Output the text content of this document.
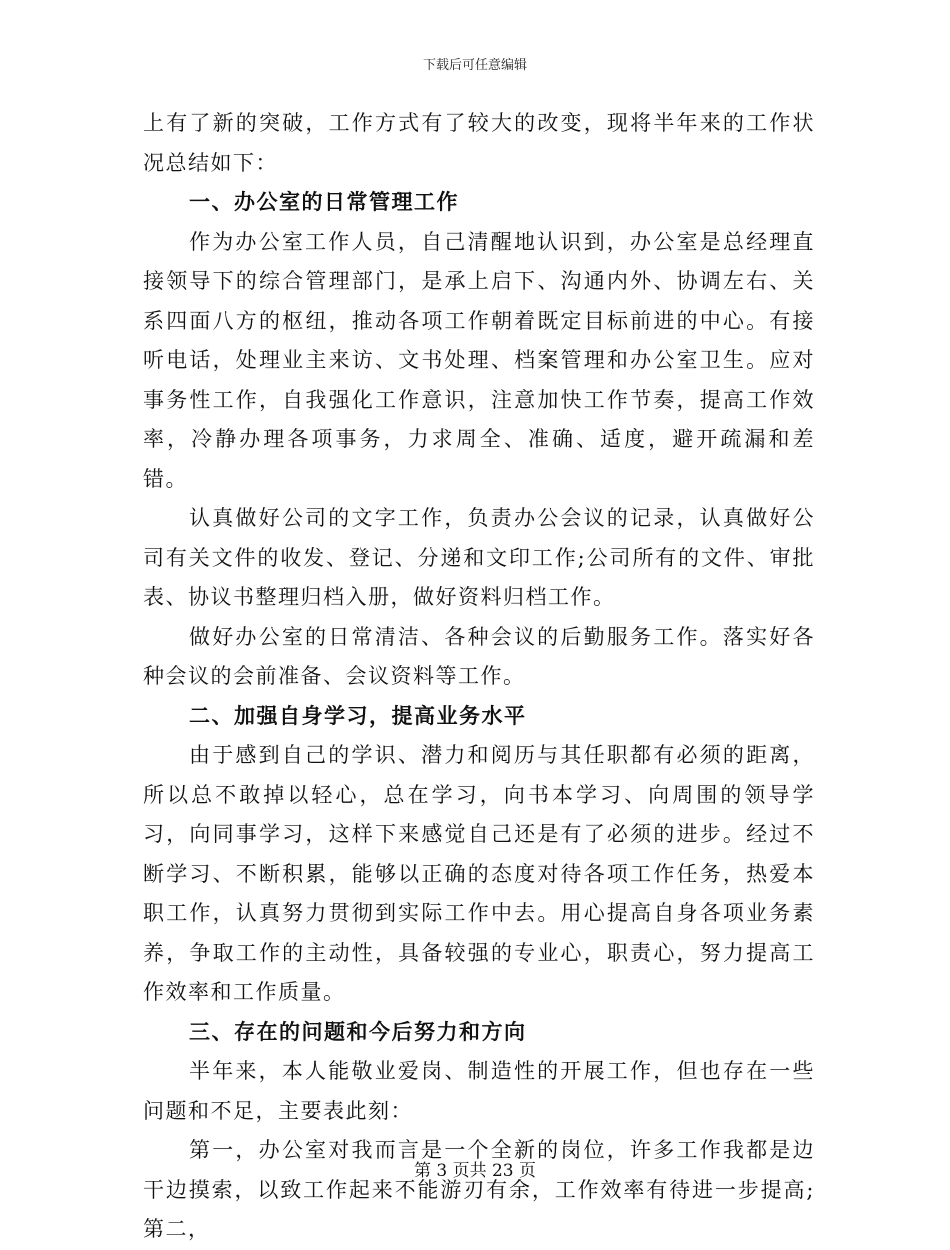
下载后可任意编辑

上有了新的突破，工作方式有了较大的改变，现将半年来的工作状况总结如下：

一、办公室的日常管理工作

作为办公室工作人员，自己清醒地认识到，办公室是总经理直接领导下的综合管理部门，是承上启下、沟通内外、协调左右、关系四面八方的枢纽，推动各项工作朝着既定目标前进的中心。有接听电话，处理业主来访、文书处理、档案管理和办公室卫生。应对事务性工作，自我强化工作意识，注意加快工作节奏，提高工作效率，冷静办理各项事务，力求周全、准确、适度，避开疏漏和差错。

认真做好公司的文字工作，负责办公会议的记录，认真做好公司有关文件的收发、登记、分递和文印工作;公司所有的文件、审批表、协议书整理归档入册，做好资料归档工作。

做好办公室的日常清洁、各种会议的后勤服务工作。落实好各种会议的会前准备、会议资料等工作。

二、加强自身学习，提高业务水平

由于感到自己的学识、潜力和阅历与其任职都有必须的距离，所以总不敢掉以轻心，总在学习，向书本学习、向周围的领导学习，向同事学习，这样下来感觉自己还是有了必须的进步。经过不断学习、不断积累，能够以正确的态度对待各项工作任务，热爱本职工作，认真努力贯彻到实际工作中去。用心提高自身各项业务素养，争取工作的主动性，具备较强的专业心，职责心，努力提高工作效率和工作质量。

三、存在的问题和今后努力和方向

半年来，本人能敬业爱岗、制造性的开展工作，但也存在一些问题和不足，主要表此刻：

第一，办公室对我而言是一个全新的岗位，许多工作我都是边干边摸索，以致工作起来不能游刃有余，工作效率有待进一步提高;第二，

第 3 页共 23 页
